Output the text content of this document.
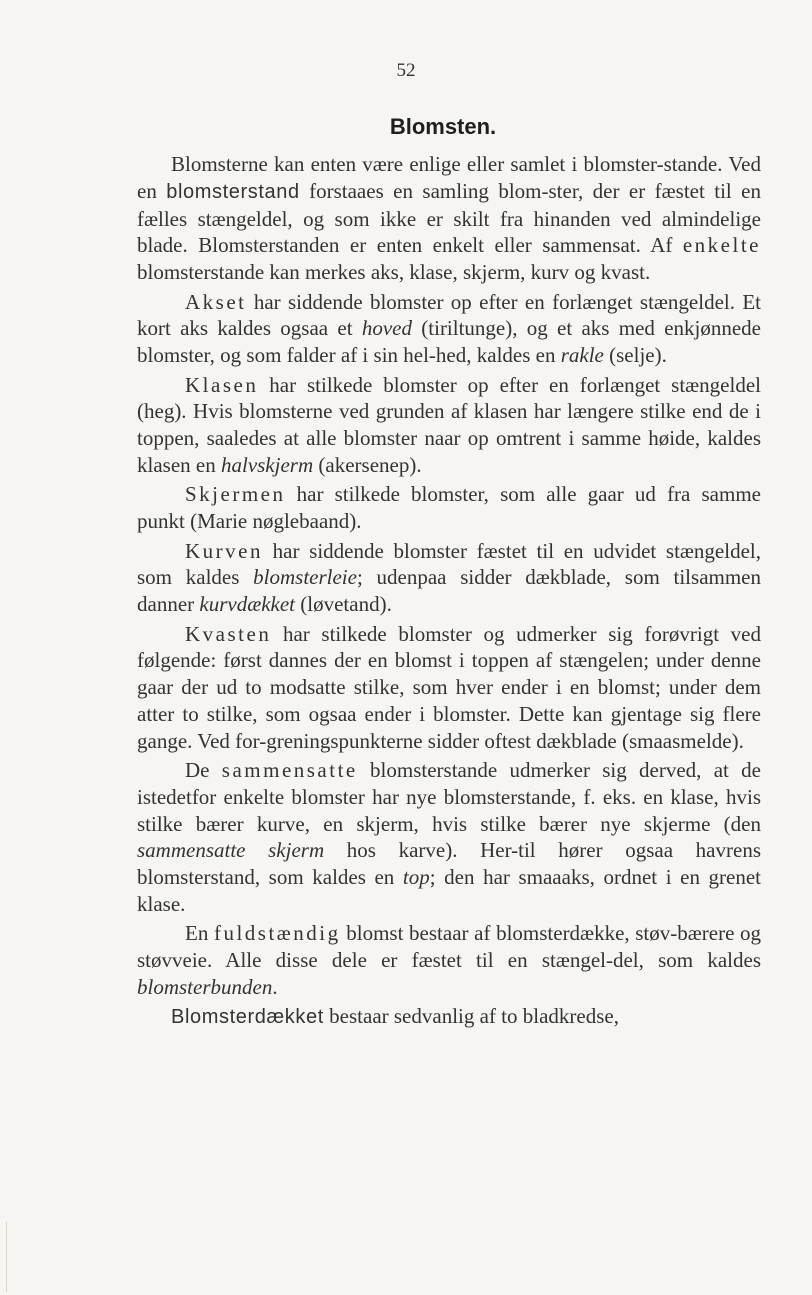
52
Blomsten.

Blomsterne kan enten være enlige eller samlet i blomster-stande. Ved en blomsterstand forstaaes en samling blom-ster, der er fæstet til en fælles stængeldel, og som ikke er skilt fra hinanden ved almindelige blade. Blomsterstanden er enten enkelt eller sammensat. Af enkelte blomsterstande kan merkes aks, klase, skjerm, kurv og kvast.

Akset har siddende blomster op efter en forlænget stængeldel. Et kort aks kaldes ogsaa et hoved (tiriltunge), og et aks med enkjønnede blomster, og som falder af i sin hel-hed, kaldes en rakle (selje).

Klasen har stilkede blomster op efter en forlænget stængeldel (heg). Hvis blomsterne ved grunden af klasen har længere stilke end de i toppen, saaledes at alle blomster naar op omtrent i samme høide, kaldes klasen en halvskjerm (akersenep).

Skjermen har stilkede blomster, som alle gaar ud fra samme punkt (Marie nøglebaand).

Kurven har siddende blomster fæstet til en udvidet stængeldel, som kaldes blomsterleie; udenpaa sidder dækblade, som tilsammen danner kurvdækket (løvetand).

Kvasten har stilkede blomster og udmerker sig forøvrigt ved følgende: først dannes der en blomst i toppen af stængelen; under denne gaar der ud to modsatte stilke, som hver ender i en blomst; under dem atter to stilke, som ogsaa ender i blomster. Dette kan gjentage sig flere gange. Ved for-greningspunkterne sidder oftest dækblade (smaasmelde).

De sammensatte blomsterstande udmerker sig derved, at de istedetfor enkelte blomster har nye blomsterstande, f. eks. en klase, hvis stilke bærer kurve, en skjerm, hvis stilke bærer nye skjerme (den sammensatte skjerm hos karve). Her-til hører ogsaa havrens blomsterstand, som kaldes en top; den har smaaaks, ordnet i en grenet klase.

En fuldstændig blomst bestaar af blomsterdække, støv-bærere og støvveie. Alle disse dele er fæstet til en stængel-del, som kaldes blomsterbunden.

Blomsterdækket bestaar sedvanlig af to bladkredse,
